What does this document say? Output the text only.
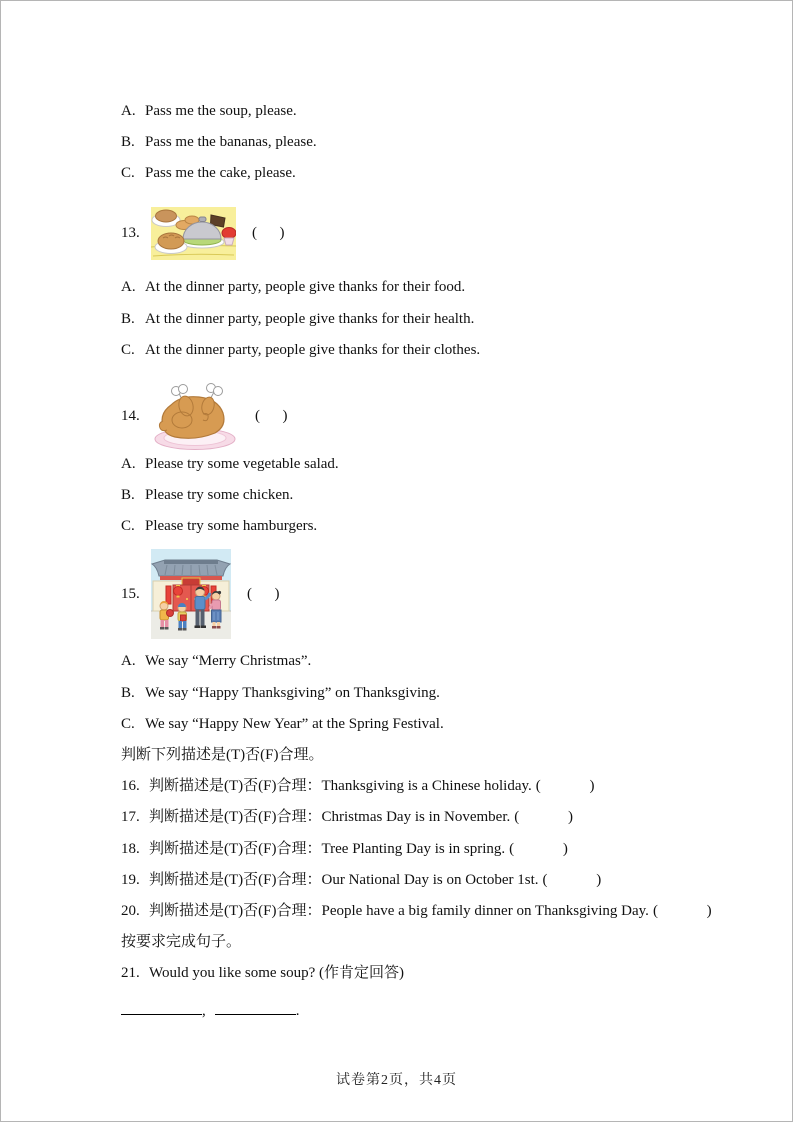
A. Pass me the soup, please.
B. Pass me the bananas, please.
C. Pass me the cake, please.
13.	(      )
A. At the dinner party, people give thanks for their food.
B. At the dinner party, people give thanks for their health.
C. At the dinner party, people give thanks for their clothes.
14.	(      )
A. Please try some vegetable salad.
B. Please try some chicken.
C. Please try some hamburgers.
15.	(      )
A. We say “Merry Christmas”.
B. We say “Happy Thanksgiving” on Thanksgiving.
C. We say “Happy New Year” at the Spring Festival.
判断下列描述是(T)否(F)合理。
16. 判断描述是(T)否(F)合理：Thanksgiving is a Chinese holiday. (             )
17. 判断描述是(T)否(F)合理：Christmas Day is in November. (             )
18. 判断描述是(T)否(F)合理：Tree Planting Day is in spring. (             )
19. 判断描述是(T)否(F)合理：Our National Day is on October 1st. (             )
20. 判断描述是(T)否(F)合理：People have a big family dinner on Thanksgiving Day. (             )
按要求完成句子。
21. Would you like some soup? (作肯定回答)
,	.
试卷第2页，共4页
